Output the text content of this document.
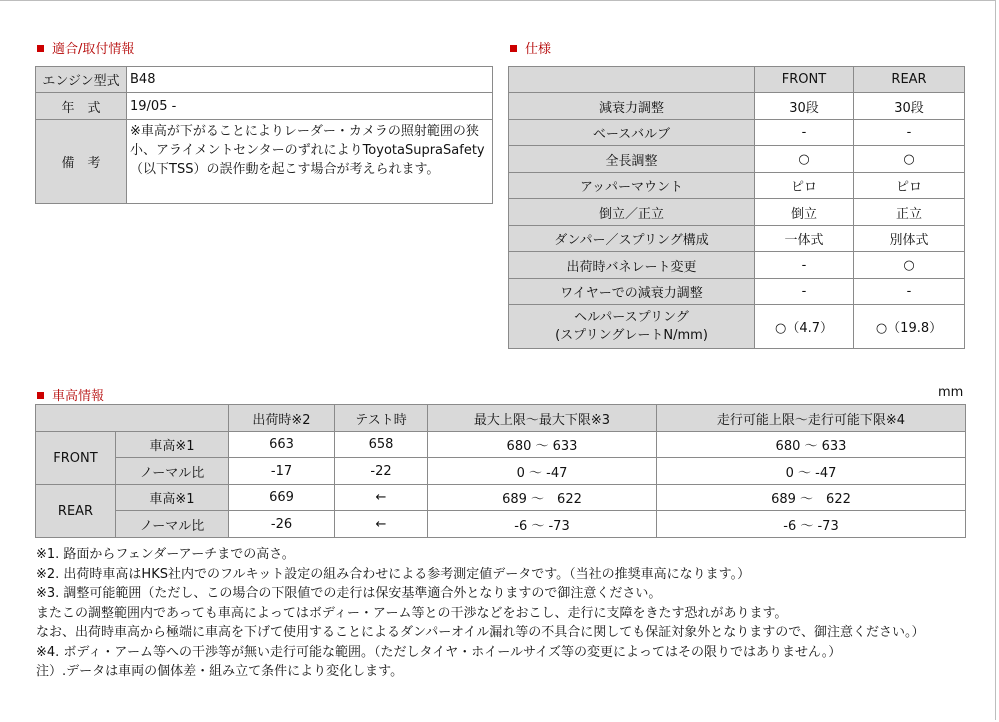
適合/取付情報
エンジン型式	B48
年　式	19/05 -
備　考	※車高が下がることによりレーダー・カメラの照射範囲の狭小、アライメントセンターのずれによりToyotaSupraSafety（以下TSS）の誤作動を起こす場合が考えられます。
仕様
	FRONT	REAR
減衰力調整	30段	30段
ベースバルブ	-	-
全長調整	○	○
アッパーマウント	ピロ	ピロ
倒立／正立	倒立	正立
ダンパー／スプリング構成	一体式	別体式
出荷時バネレート変更	-	○
ワイヤーでの減衰力調整	-	-

ヘルパースプリング
(スプリングレートN/mm)	○（4.7）	○（19.8）
車高情報	mm
		出荷時※2	テスト時	最大上限～最大下限※3	走行可能上限～走行可能下限※4
FRONT	車高※1	663	658	680 ～ 633	680 ～ 633
	ノーマル比	-17	-22	0 ～ -47	0 ～ -47
REAR	車高※1	669	←	689 ～　622	689 ～　622
	ノーマル比	-26	←	-6 ～ -73	-6 ～ -73
※1. 路面からフェンダーアーチまでの高さ。
※2. 出荷時車高はHKS社内でのフルキット設定の組み合わせによる参考測定値データです。（当社の推奨車高になります。）
※3. 調整可能範囲（ただし、この場合の下限値での走行は保安基準適合外となりますので御注意ください。
またこの調整範囲内であっても車高によってはボディー・アーム等との干渉などをおこし、走行に支障をきたす恐れがあります。
なお、出荷時車高から極端に車高を下げて使用することによるダンパーオイル漏れ等の不具合に関しても保証対象外となりますので、御注意ください。）
※4. ボディ・アーム等への干渉等が無い走行可能な範囲。（ただしタイヤ・ホイールサイズ等の変更によってはその限りではありません。）
注）.データは車両の個体差・組み立て条件により変化します。
